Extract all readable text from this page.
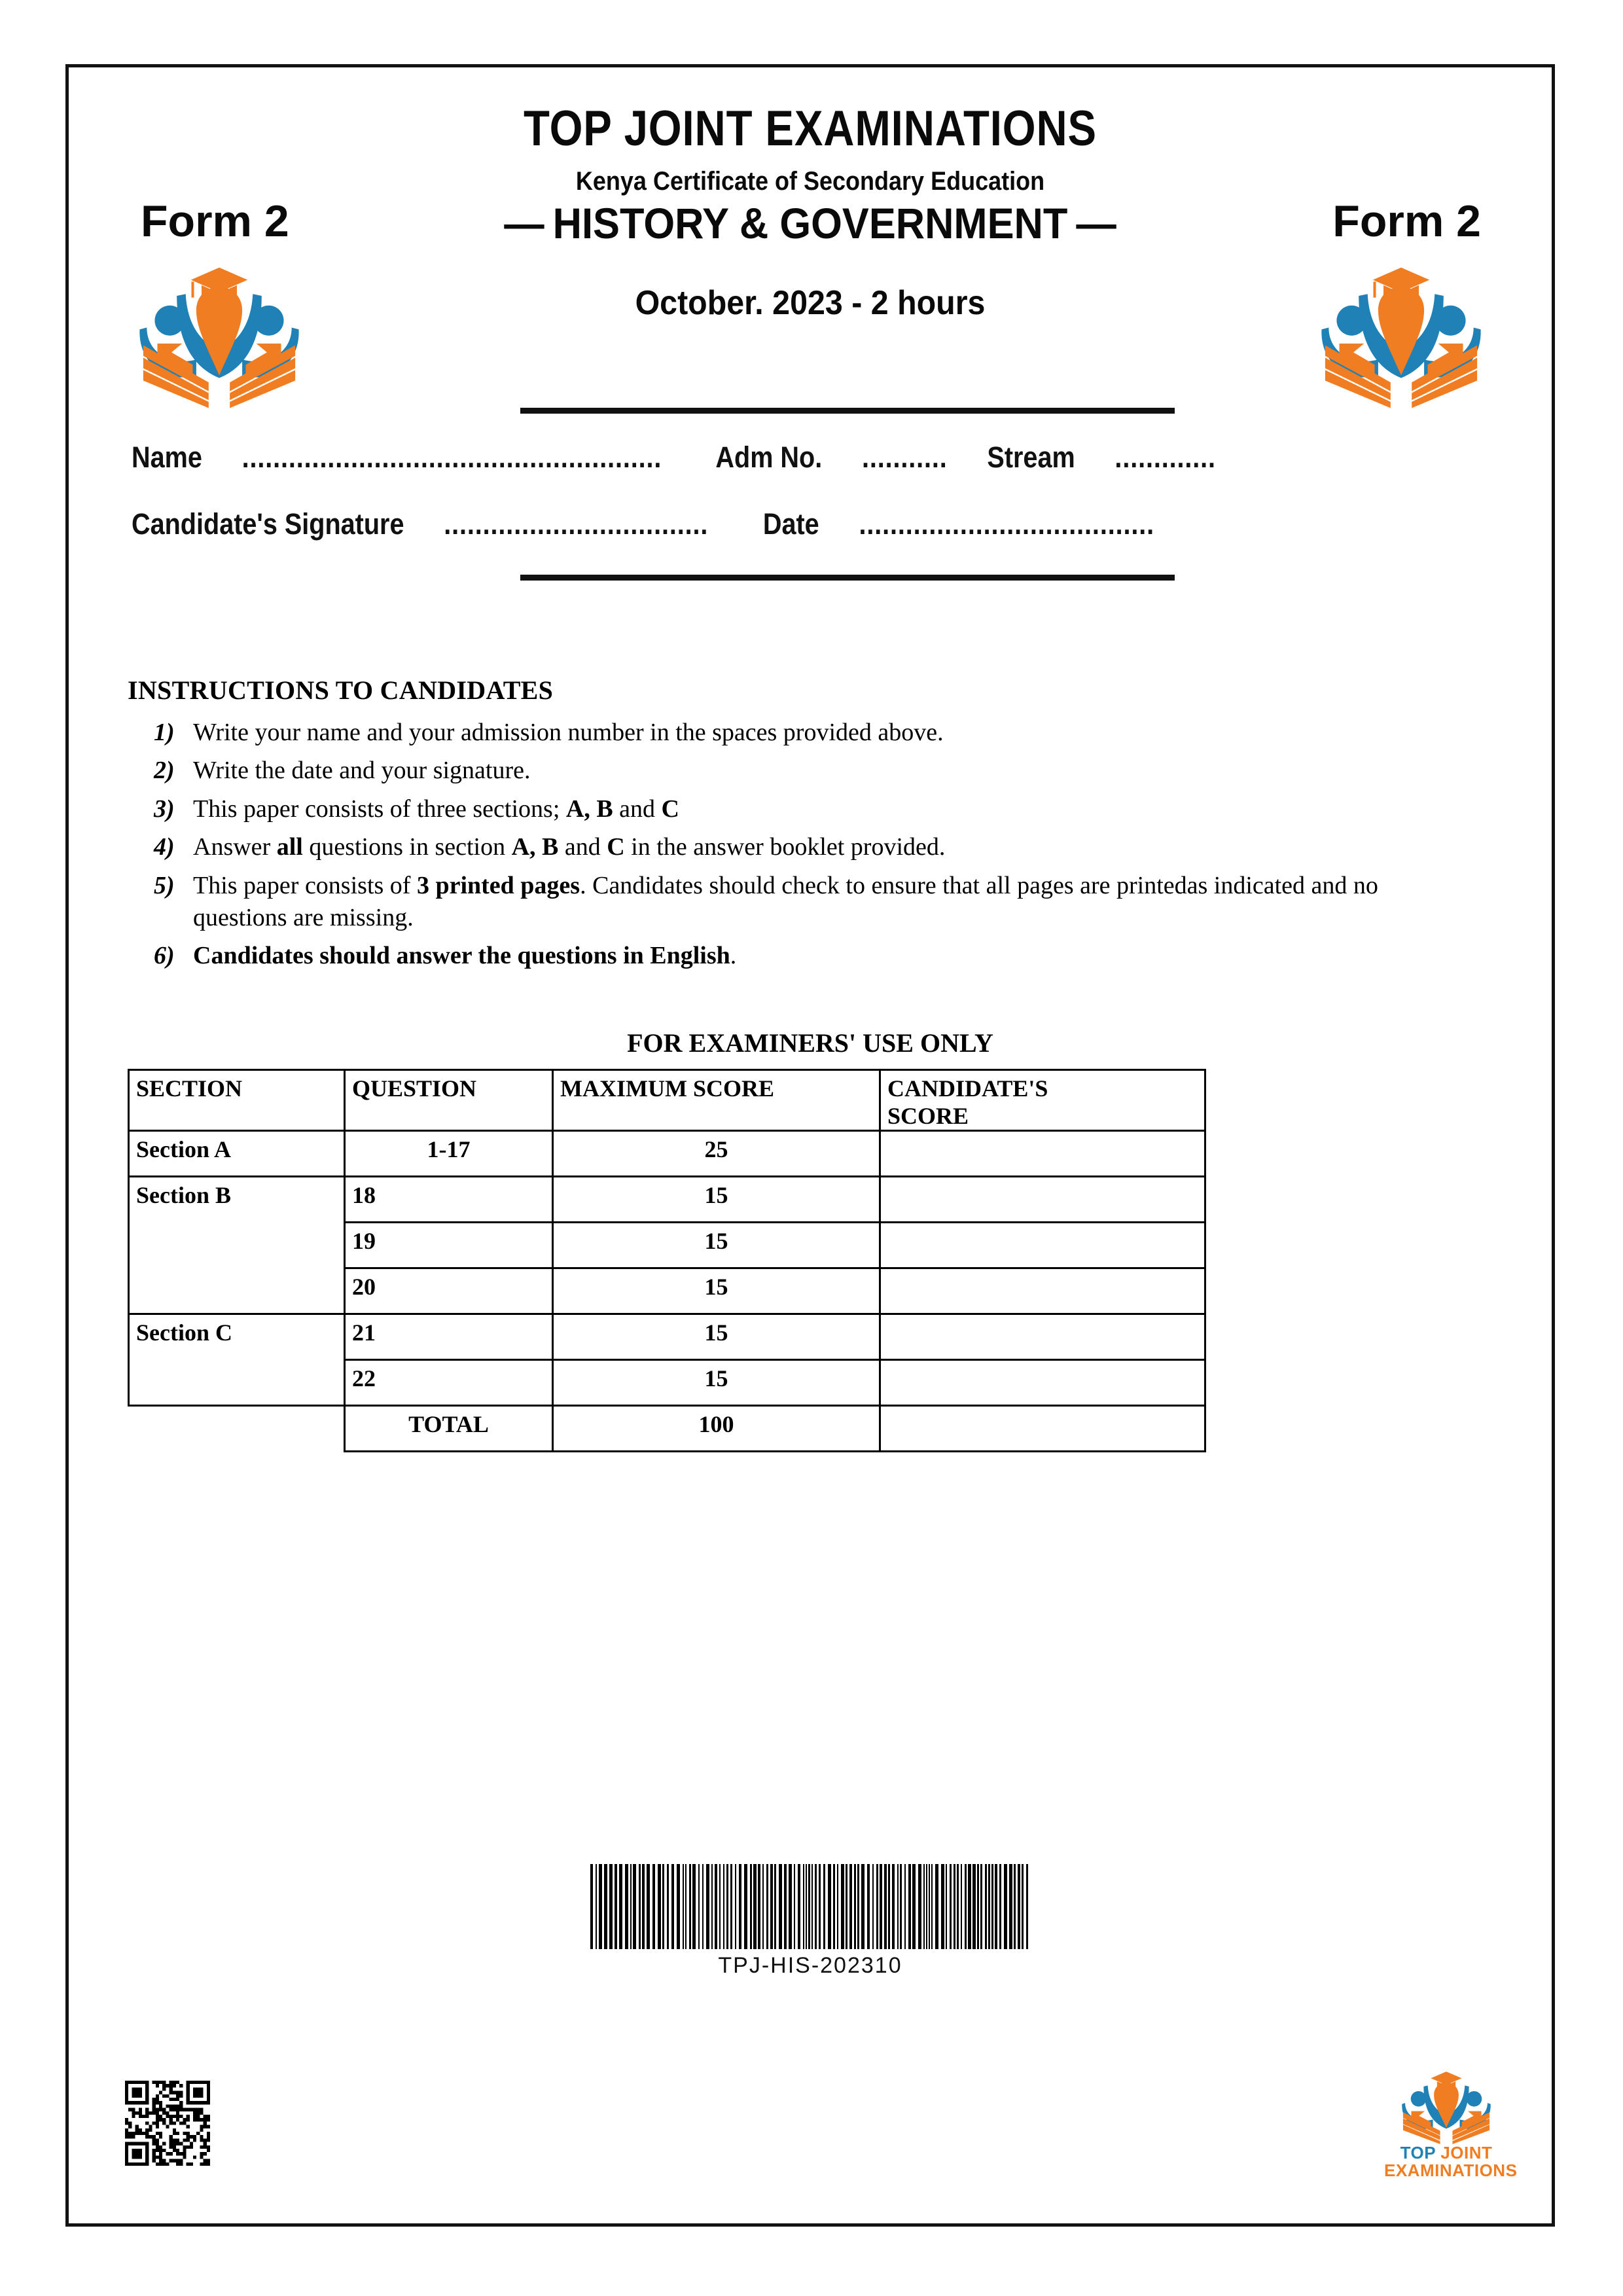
TOP JOINT EXAMINATIONS
Kenya Certificate of Secondary Education
Form 2	Form 2
— HISTORY & GOVERNMENT —
October. 2023 - 2 hours
Name ...................................................... Adm No. ........... Stream .............
Candidate's Signature .................................. Date ......................................
INSTRUCTIONS TO CANDIDATES
1) Write your name and your admission number in the spaces provided above.
2) Write the date and your signature.
3) This paper consists of three sections; A, B and C
4) Answer all questions in section A, B and C in the answer booklet provided.
5) This paper consists of 3 printed pages. Candidates should check to ensure that all pages are printedas indicated and no questions are missing.
6) Candidates should answer the questions in English.
FOR EXAMINERS' USE ONLY
SECTION	QUESTION	MAXIMUM SCORE	CANDIDATE'S
SCORE
Section A	1-17	25	
Section B	18	15	
	19	15	
	20	15	
Section C	21	15	
	22	15	
	TOTAL	100	
TPJ-HIS-202310
TOP JOINT
EXAMINATIONS
